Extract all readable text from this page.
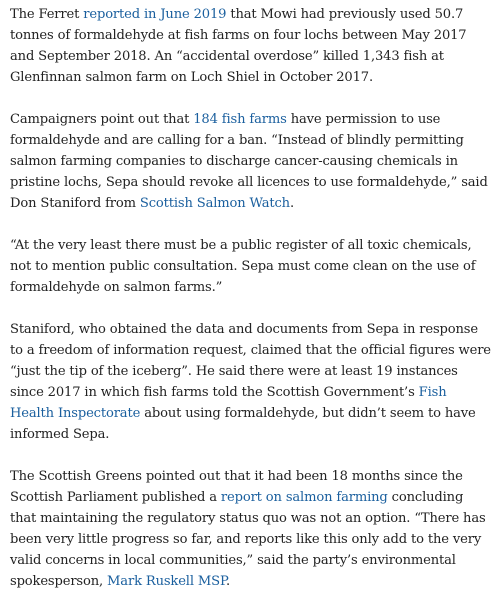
The Ferret reported in June 2019 that Mowi had previously used 50.7 tonnes of formaldehyde at fish farms on four lochs between May 2017 and September 2018. An “accidental overdose” killed 1,343 fish at Glenfinnan salmon farm on Loch Shiel in October 2017.

Campaigners point out that 184 fish farms have permission to use formaldehyde and are calling for a ban. “Instead of blindly permitting salmon farming companies to discharge cancer-causing chemicals in pristine lochs, Sepa should revoke all licences to use formaldehyde,” said Don Staniford from Scottish Salmon Watch.

“At the very least there must be a public register of all toxic chemicals, not to mention public consultation. Sepa must come clean on the use of formaldehyde on salmon farms.”

Staniford, who obtained the data and documents from Sepa in response to a freedom of information request, claimed that the official figures were “just the tip of the iceberg”. He said there were at least 19 instances since 2017 in which fish farms told the Scottish Government’s Fish Health Inspectorate about using formaldehyde, but didn’t seem to have informed Sepa.

The Scottish Greens pointed out that it had been 18 months since the Scottish Parliament published a report on salmon farming concluding that maintaining the regulatory status quo was not an option. “There has been very little progress so far, and reports like this only add to the very valid concerns in local communities,” said the party’s environmental spokesperson, Mark Ruskell MSP.
